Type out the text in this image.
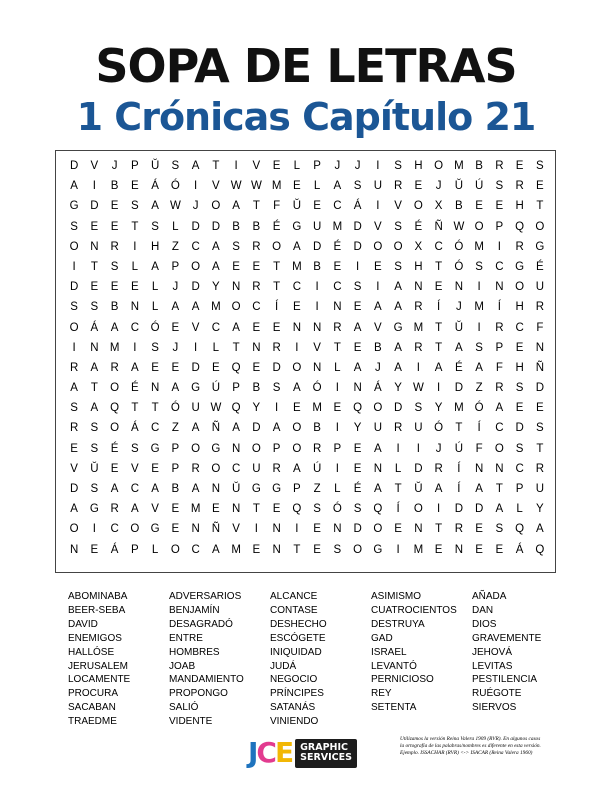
SOPA DE LETRAS
1 Crónicas Capítulo 21
D	V	J	P	Ŭ	S	A	T	I	V	E	L	P	J	J	I	S	H	O M	B	R	E	S
A	I	B	E	Á	Ó	I	V W W M	E	L	A	S	U	R	E	J	Ŭ	Ú	S	R	E
G	D	E	S	A W	J	O	A	T	F	Ŭ	E	C	Á	I	V	O	X	B	E	E	H	T
S	E	E	T	S	L	D	D	B	B	É	G	U M D	V	S	É	Ñ W O	P	Q O
O	N	R	I	H	Z	C	A	S	R	O	A	D	É	D	O O	X	C	Ó M	I	R	G
I	T	S	L	A	P	O	A	E	E	T	M	B	E	I	E	S	H	T	Ó	S	C	G	É
D	E	E	E	L	J	D	Y	N	R	T	C	I	C	S	I	A	N	E	N	I	N	O	U
S	S	B	N	L	A	A	M O	C	Í	E	I	N	E	A	A	R	Í	J	M	Í	H	R
O	Á	A	C	Ó	E	V	C	A	E	E	N	N	R	A	V	G M	T	Ŭ	I	R	C	F
I	N M	I	S	J	I	L	T	N	R	I	V	T	E	B	A	R	T	A	S	P	E	N
R	A	R	A	E	E	D	E	Q	E	D	O	N	L	A	J	A	I	A	É	A	F	H	Ñ
A	T	O	É	N	A	G	Ú	P	B	S	A	Ó	I	N	Á	Y W	I	D	Z	R	S	D
S	A	Q	T	T	Ó	U W Q	Y	I	E	M	E	Q O	D	S	Y	M Ó	A	E	E
R	S	O	Á	C	Z	A	Ñ	A	D	A	O	B	I	Y	U	R	U	Ó	T	Í	C	D	S
E	S	É	S	G	P	O G	N	O	P	O	R	P	E	A	I	I	J	Ú	F	O	S	T
V	Ŭ	E	V	E	P	R	O	C	U	R	A	Ú	I	E	N	L	D	R	Í	N	N	C	R
D	S	A	C	A	B	A	N	Ŭ	G G	P	Z	L	É	A	T	Ŭ	A	Í	A	T	P	U
A	G	R	A	V	E	M	E	N	T	E	Q	S	Ó	S	Q	Í	O	I	D	D	A	L	Y
O	I	C	O G	E	N	Ñ	V	I	N	I	E	N	D	O	E	N	T	R	E	S	Q	A
N	E	Á	P	L	O	C	A	M	E	N	T	E	S	O G	I	M	E	N	E	E	Á	Q
ABOMINABA
BEER-SEBA
DAVID
ENEMIGOS
HALLÓSE
JERUSALEM
LOCAMENTE
PROCURA
SACABAN
TRAEDME
ADVERSARIOS
BENJAMÍN
DESAGRADÓ
ENTRE
HOMBRES
JOAB
MANDAMIENTO
PROPONGO
SALIÓ
VIDENTE
ALCANCE
CONTASE
DESHECHO
ESCÓGETE
INIQUIDAD
JUDÁ
NEGOCIO
PRÍNCIPES
SATANÁS
VINIENDO
ASIMISMO
CUATROCIENTOS
DESTRUYA
GAD
ISRAEL
LEVANTÓ
PERNICIOSO
REY
SETENTA
AÑADA
DAN
DIOS
GRAVEMENTE
JEHOVÁ
LEVITAS
PESTILENCIA
RUÉGOTE
SIERVOS
J C E GRAPHIC
SERVICES
Utilizamos la versión Reina Valera 1909 (RVR). En algunos casos
la ortografía de las palabras/nombres es diferente en esta versión.
Ejemplo. ISSACHAR (RVR) <-> ISACAR (Reina Valera 1960)
